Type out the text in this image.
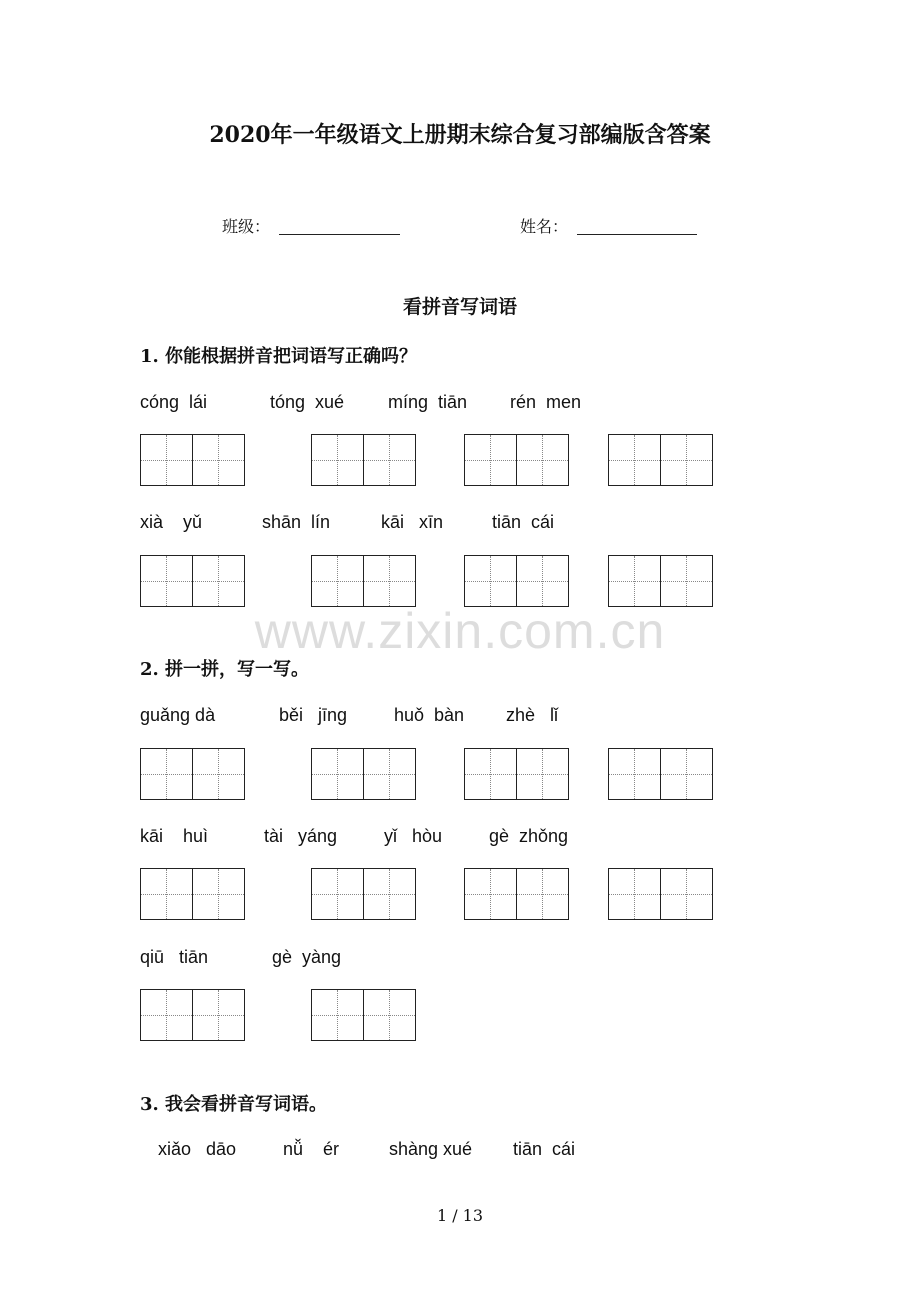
2020年一年级语文上册期末综合复习部编版含答案
班级：	姓名：
看拼音写词语
1. 你能根据拼音把词语写正确吗？
cóng  lái	tóng  xué míng  tiān rén  men
xià    yǔ	shān  lín	kāi   xīn	tiān  cái
www.zixin.com.cn
2. 拼一拼，写一写。
guǎng dà	běi   jīng	huǒ  bàn zhè   lǐ
kāi    huì	tài   yáng	yǐ   hòu	gè  zhǒng
qiū   tiān	gè  yàng
3. 我会看拼音写词语。
xiǎo   dāo	nǚ    ér	shàng xué tiān  cái
1 / 13
